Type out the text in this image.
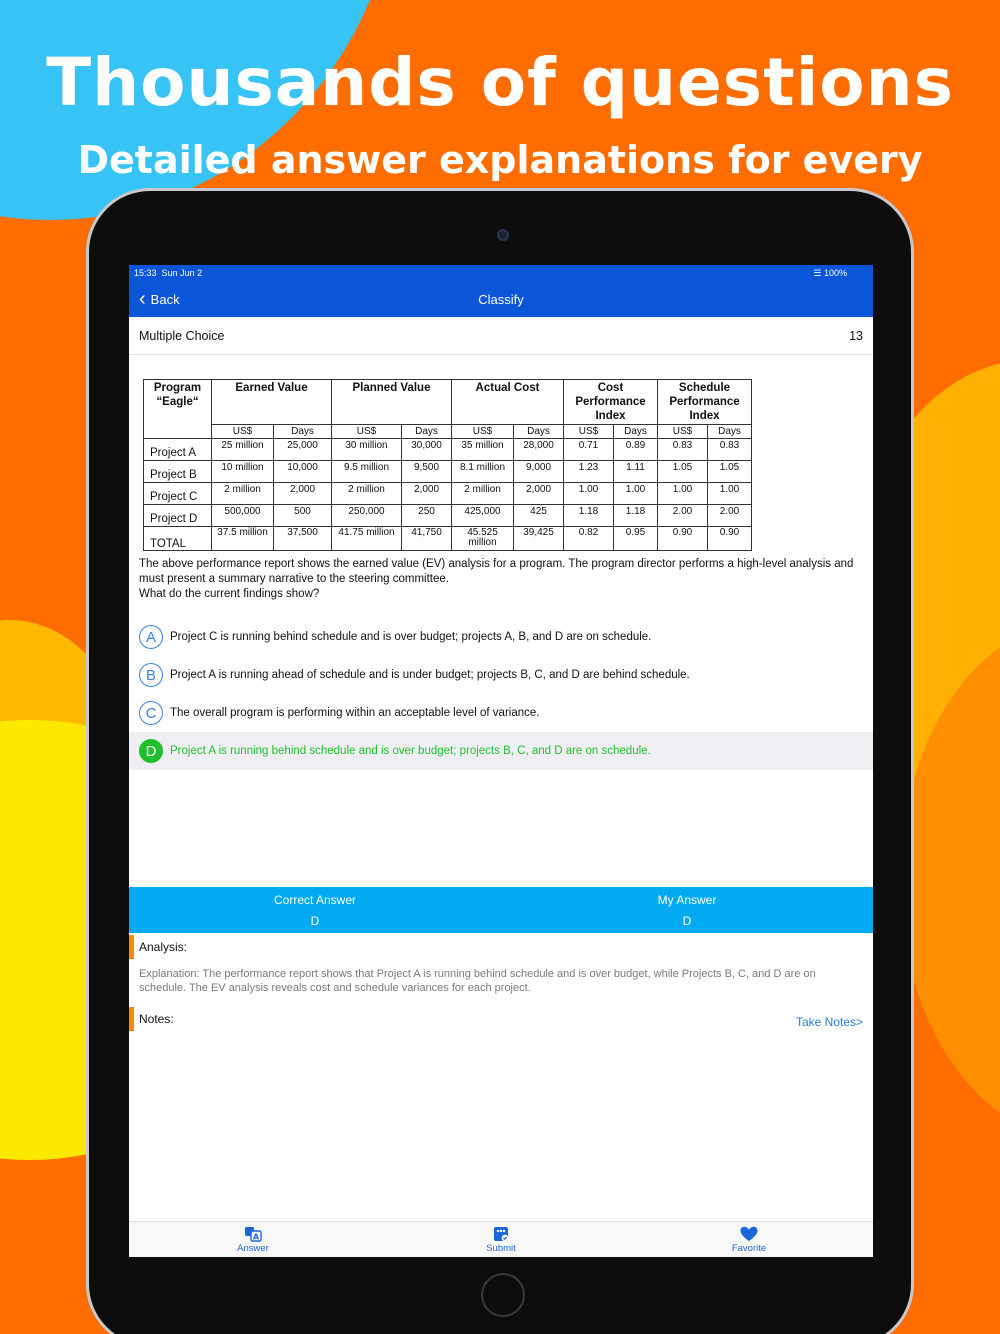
Thousands of questions
Detailed answer explanations for every
15:33 Sun Jun 2	☰ 100%
‹ Back	Classify
Multiple Choice	13
Program “Eagle“	Earned Value		Planned Value		Actual Cost		Cost Performance Index		Schedule Performance Index	
	US$	Days	US$	Days	US$	Days	US$	Days	US$	Days
Project A	25 million	25,000	30 million	30,000	35 million	28,000	0.71	0.89	0.83	0.83
Project B	10 million	10,000	9.5 million	9,500	8.1 million	9,000	1.23	1.11	1.05	1.05
Project C	2 million	2,000	2 million	2,000	2 million	2,000	1.00	1.00	1.00	1.00
Project D	500,000	500	250,000	250	425,000	425	1.18	1.18	2.00	2.00
TOTAL	37.5 million	37,500	41.75 million	41,750	45.525 million	39,425	0.82	0.95	0.90	0.90
The above performance report shows the earned value (EV) analysis for a program. The program director performs a high-level analysis and must present a summary narrative to the steering committee.
What do the current findings show?
A	Project C is running behind schedule and is over budget; projects A, B, and D are on schedule.
B	Project A is running ahead of schedule and is under budget; projects B, C, and D are behind schedule.
C	The overall program is performing within an acceptable level of variance.
D	Project A is running behind schedule and is over budget; projects B, C, and D are on schedule.
Correct Answer
D
My Answer
D
Analysis:
Explanation: The performance report shows that Project A is running behind schedule and is over budget, while Projects B, C, and D are on schedule. The EV analysis reveals cost and schedule variances for each project.
Notes:	Take Notes>
A
Answer	Submit	Favorite
